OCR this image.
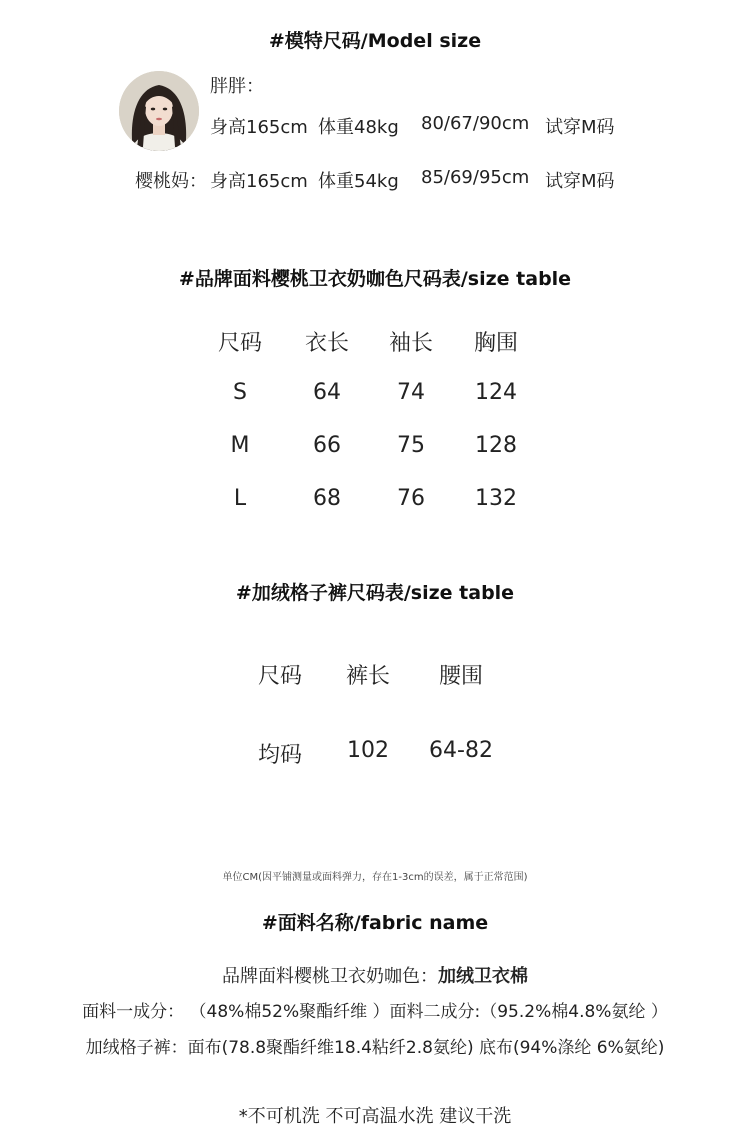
#模特尺码/Model size
胖胖：
身高165cm 体重48kg 80/67/90cm 试穿M码
樱桃妈： 身高165cm 体重54kg 85/69/95cm 试穿M码
#品牌面料樱桃卫衣奶咖色尺码表/size table
尺码	衣长	袖长	胸围
S	64	74	124
M	66	75	128
L	68	76	132
#加绒格子裤尺码表/size table
尺码	裤长	腰围
均码	102	64-82
单位CM(因平铺测量或面料弹力，存在1-3cm的误差，属于正常范围)
#面料名称/fabric name
品牌面料樱桃卫衣奶咖色：加绒卫衣棉
面料一成分： （48%棉52%聚酯纤维 ）面料二成分:（95.2%棉4.8%氨纶 ）
加绒格子裤：面布(78.8聚酯纤维18.4粘纤2.8氨纶) 底布(94%涤纶 6%氨纶)
*不可机洗 不可高温水洗 建议干洗
